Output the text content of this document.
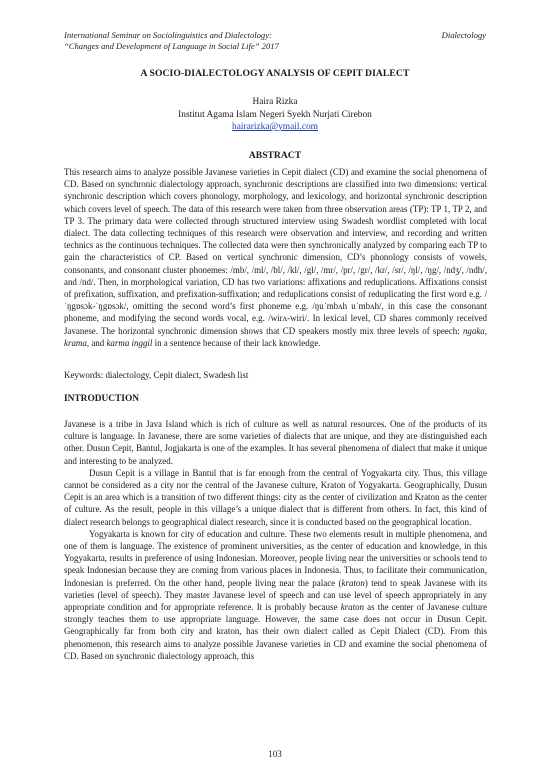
International Seminar on Sociolinguistics and Dialectology:
“Changes and Development of Language in Social Life” 2017
Dialectology
A SOCIO-DIALECTOLOGY ANALYSIS OF CEPIT DIALECT
Haira Rizka
Institut Agama Islam Negeri Syekh Nurjati Cirebon
hairarizka@ymail.com
ABSTRACT
This research aims to analyze possible Javanese varieties in Cepit dialect (CD) and examine the social phenomena of CD. Based on synchronic dialectology approach, synchronic descriptions are classified into two dimensions: vertical synchronic description which covers phonology, morphology, and lexicology, and horizontal synchronic description which covers level of speech. The data of this research were taken from three observation areas (TP): TP 1, TP 2, and TP 3. The primary data were collected through structured interview using Swadesh wordlist completed with local dialect. The data collecting techniques of this research were observation and interview, and recording and written technics as the continuous techniques. The collected data were then synchronically analyzed by comparing each TP to gain the characteristics of CP. Based on vertical synchronic dimension, CD’s phonology consists of vowels, consonants, and consonant cluster phonemes: /mb/, /ml/, /bl/, /kl/, /gl/, /mr/, /pr/, /gr/, /kr/, /sr/, /ŋl/, /ŋg/, /ndʒ/, /ndh/, and /nd/. Then, in morphological variation, CD has two variations: affixations and reduplications. Affixations consist of prefixation, suffixation, and prefixation-suffixation; and reduplications consist of reduplicating the first word e.g. /ˈŋgɒsɔk-ˈŋgɒsɔk/, omitting the second word’s first phoneme e.g. /ŋuˈmbʌh uˈmbʌh/, in this case the consonant phoneme, and modifying the second words vocal, e.g. /wirʌ-wiri/. In lexical level, CD shares commonly received Javanese. The horizontal synchronic dimension shows that CD speakers mostly mix three levels of speech: ngaka, krama, and karma inggil in a sentence because of their lack knowledge.
Keywords: dialectology, Cepit dialect, Swadesh list
INTRODUCTION

Javanese is a tribe in Java Island which is rich of culture as well as natural resources. One of the products of its culture is language. In Javanese, there are some varieties of dialects that are unique, and they are distinguished each other. Dusun Cepit, Bantul, Jogjakarta is one of the examples. It has several phenomena of dialect that make it unique and interesting to be analyzed.

Dusun Cepit is a village in Bantul that is far enough from the central of Yogyakarta city. Thus, this village cannot be considered as a city nor the central of the Javanese culture, Kraton of Yogyakarta. Geographically, Dusun Cepit is an area which is a transition of two different things: city as the center of civilization and Kraton as the center of culture. As the result, people in this village’s a unique dialect that is different from others. In fact, this kind of dialect research belongs to geographical dialect research, since it is conducted based on the geographical location.

Yogyakarta is known for city of education and culture. These two elements result in multiple phenomena, and one of them is language. The existence of prominent universities, as the center of education and knowledge, in this Yogyakarta, results in preference of using Indonesian. Moreover, people living near the universities or schools tend to speak Indonesian because they are coming from various places in Indonesia. Thus, to facilitate their communication, Indonesian is preferred. On the other hand, people living near the palace (kraton) tend to speak Javanese with its varieties (level of speech). They master Javanese level of speech and can use level of speech appropriately in any appropriate condition and for appropriate reference. It is probably because kraton as the center of Javanese culture strongly teaches them to use appropriate language. However, the same case does not occur in Dusun Cepit. Geographically far from both city and kraton, has their own dialect called as Cepit Dialect (CD). From this phenomenon, this research aims to analyze possible Javanese varieties in CD and examine the social phenomena of CD. Based on synchronic dialectology approach, this

103
